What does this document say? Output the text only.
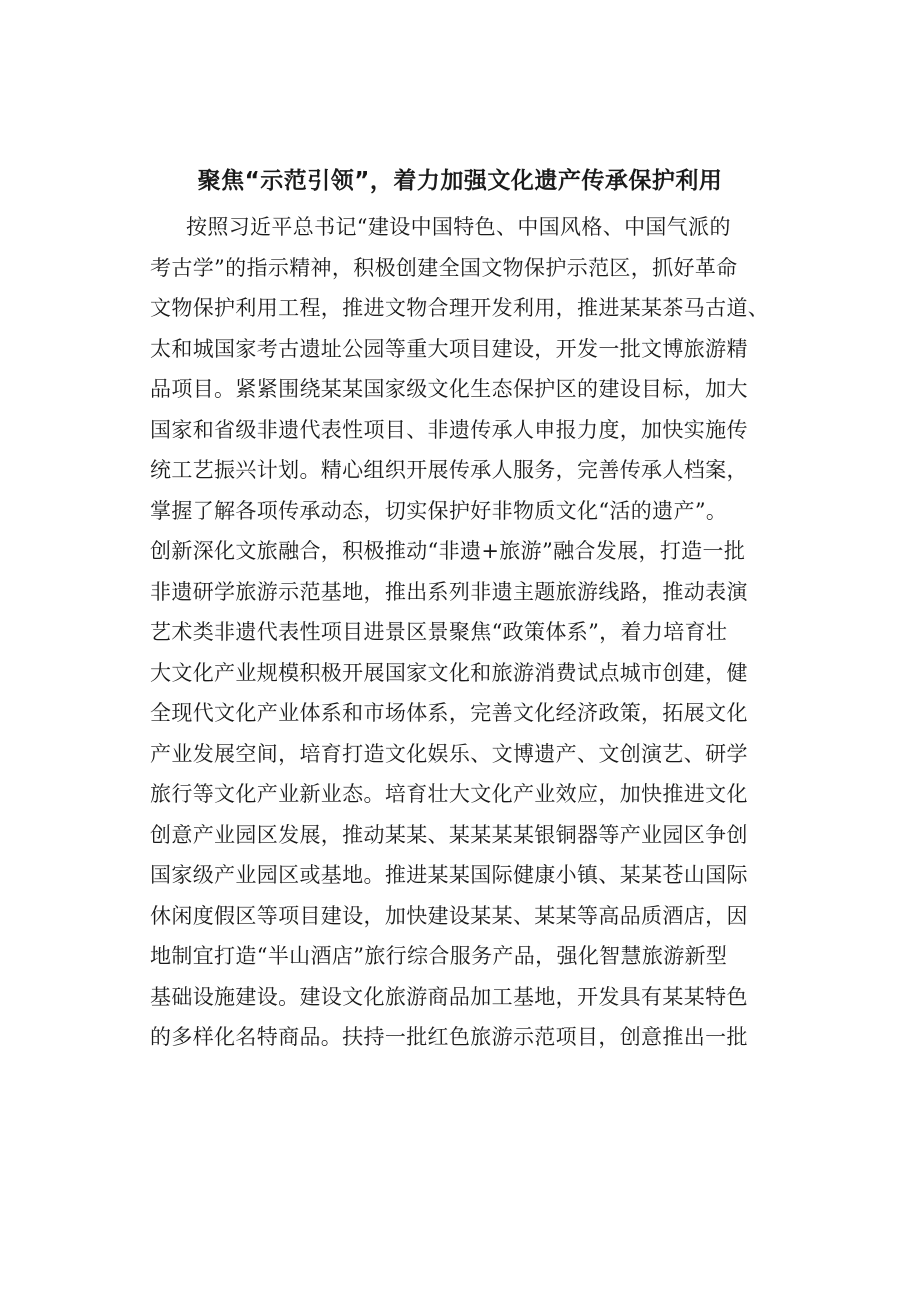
聚焦“示范引领”，着力加强文化遗产传承保护利用
按照习近平总书记“建设中国特色、中国风格、中国气派的
考古学”的指示精神，积极创建全国文物保护示范区，抓好革命
文物保护利用工程，推进文物合理开发利用，推进某某茶马古道、
太和城国家考古遗址公园等重大项目建设，开发一批文博旅游精
品项目。紧紧围绕某某国家级文化生态保护区的建设目标，加大
国家和省级非遗代表性项目、非遗传承人申报力度，加快实施传
统工艺振兴计划。精心组织开展传承人服务，完善传承人档案，
掌握了解各项传承动态，切实保护好非物质文化“活的遗产”。
创新深化文旅融合，积极推动“非遗+旅游”融合发展，打造一批
非遗研学旅游示范基地，推出系列非遗主题旅游线路，推动表演
艺术类非遗代表性项目进景区景聚焦“政策体系”，着力培育壮
大文化产业规模积极开展国家文化和旅游消费试点城市创建，健
全现代文化产业体系和市场体系，完善文化经济政策，拓展文化
产业发展空间，培育打造文化娱乐、文博遗产、文创演艺、研学
旅行等文化产业新业态。培育壮大文化产业效应，加快推进文化
创意产业园区发展，推动某某、某某某某银铜器等产业园区争创
国家级产业园区或基地。推进某某国际健康小镇、某某苍山国际
休闲度假区等项目建设，加快建设某某、某某等高品质酒店，因
地制宜打造“半山酒店”旅行综合服务产品，强化智慧旅游新型
基础设施建设。建设文化旅游商品加工基地，开发具有某某特色
的多样化名特商品。扶持一批红色旅游示范项目，创意推出一批
